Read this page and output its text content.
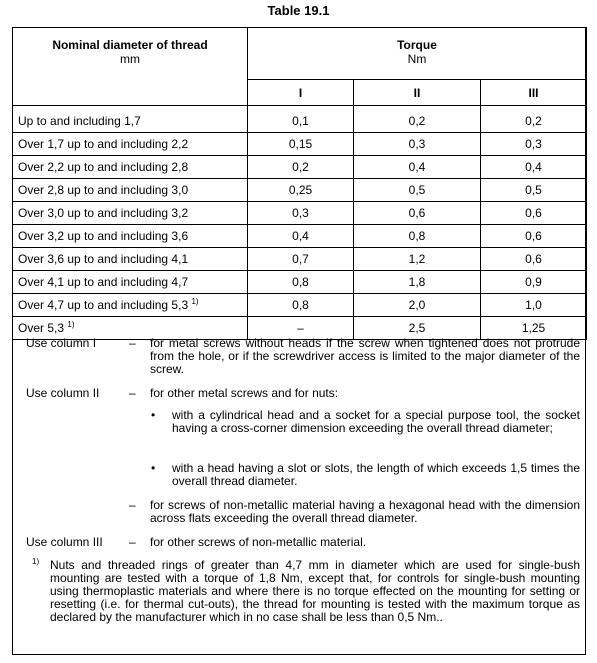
Table 19.1
Nominal diameter of thread
mm	Torque
Nm		
	I	II	III
Up to and including 1,7	0,1	0,2	0,2
Over 1,7 up to and including 2,2	0,15	0,3	0,3
Over 2,2 up to and including 2,8	0,2	0,4	0,4
Over 2,8 up to and including 3,0	0,25	0,5	0,5
Over 3,0 up to and including 3,2	0,3	0,6	0,6
Over 3,2 up to and including 3,6	0,4	0,8	0,6
Over 3,6 up to and including 4,1	0,7	1,2	0,6
Over 4,1 up to and including 4,7	0,8	1,8	0,9
Over 4,7 up to and including 5,3 $^{1)}$	0,8	2,0	1,0
Over 5,3 $^{1)}$	–	2,5	1,25
Use column I	– for metal screws without heads if the screw when tightened does not protrude from the hole, or if the screwdriver access is limited to the major diameter of the screw.
Use column II – for other metal screws and for nuts:
• with a cylindrical head and a socket for a special purpose tool, the socket having a cross-corner dimension exceeding the overall thread diameter;
• with a head having a slot or slots, the length of which exceeds 1,5 times the overall thread diameter.
– for screws of non-metallic material having a hexagonal head with the dimension across flats exceeding the overall thread diameter.
Use column III – for other screws of non-metallic material.
1) Nuts and threaded rings of greater than 4,7 mm in diameter which are used for single-bush mounting are tested with a torque of 1,8 Nm, except that, for controls for single-bush mounting using thermoplastic materials and where there is no torque effected on the mounting for setting or resetting (i.e. for thermal cut-outs), the thread for mounting is tested with the maximum torque as declared by the manufacturer which in no case shall be less than 0,5 Nm..
